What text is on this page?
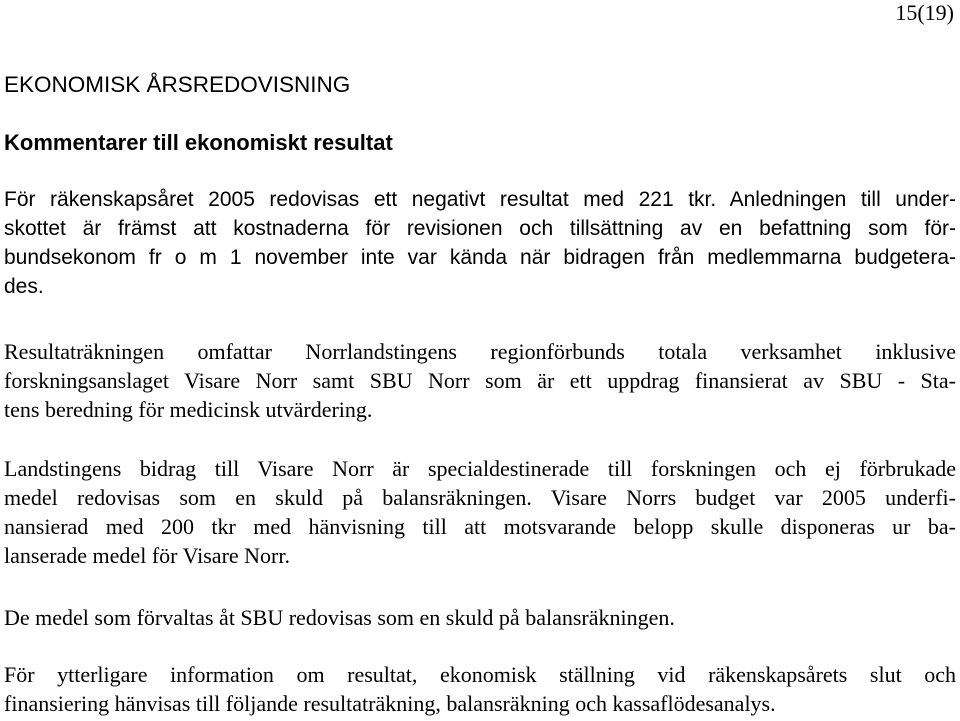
15(19)
EKONOMISK ÅRSREDOVISNING
Kommentarer till ekonomiskt resultat

För räkenskapsåret 2005 redovisas ett negativt resultat med 221 tkr. Anledningen till under-
skottet är främst att kostnaderna för revisionen och tillsättning av en befattning som för-
bundsekonom fr o m 1 november inte var kända när bidragen från medlemmarna budgetera-
des.

Resultaträkningen omfattar Norrlandstingens regionförbunds totala verksamhet inklusive
forskningsanslaget Visare Norr samt SBU Norr som är ett uppdrag finansierat av SBU - Sta-
tens beredning för medicinsk utvärdering.

Landstingens bidrag till Visare Norr är specialdestinerade till forskningen och ej förbrukade
medel redovisas som en skuld på balansräkningen. Visare Norrs budget var 2005 underfi-
nansierad med 200 tkr med hänvisning till att motsvarande belopp skulle disponeras ur ba-
lanserade medel för Visare Norr.

De medel som förvaltas åt SBU redovisas som en skuld på balansräkningen.

För ytterligare information om resultat, ekonomisk ställning vid räkenskapsårets slut och
finansiering hänvisas till följande resultaträkning, balansräkning och kassaflödesanalys.
